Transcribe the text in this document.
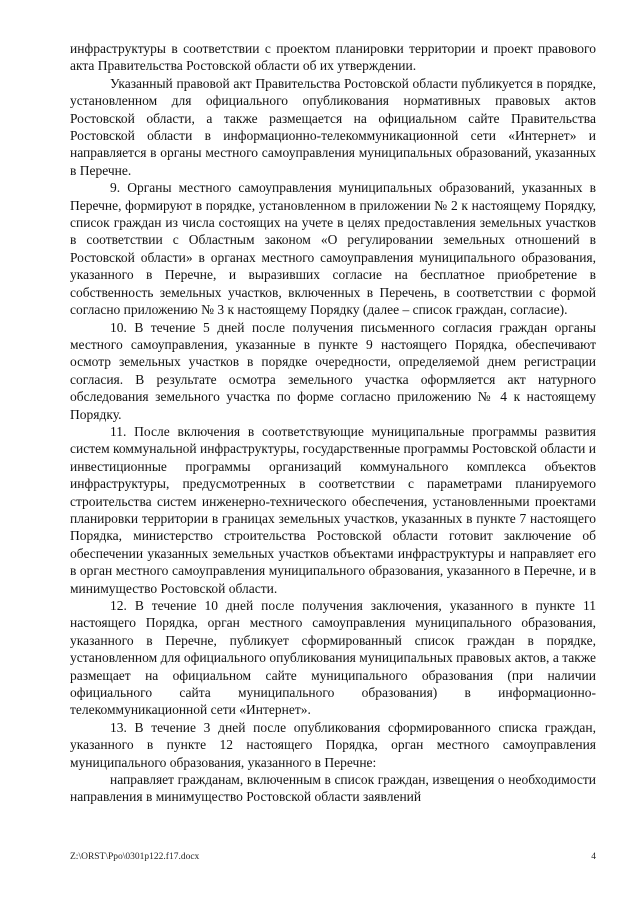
инфраструктуры в соответствии с проектом планировки территории и проект правового акта Правительства Ростовской области об их утверждении.

Указанный правовой акт Правительства Ростовской области публикуется в порядке, установленном для официального опубликования нормативных правовых актов Ростовской области, а также размещается на официальном сайте Правительства Ростовской области в информационно-телекоммуникационной сети «Интернет» и направляется в органы местного самоуправления муниципальных образований, указанных в Перечне.

9. Органы местного самоуправления муниципальных образований, указанных в Перечне, формируют в порядке, установленном в приложении № 2 к настоящему Порядку, список граждан из числа состоящих на учете в целях предоставления земельных участков в соответствии с Областным законом «О регулировании земельных отношений в Ростовской области» в органах местного самоуправления муниципального образования, указанного в Перечне, и выразивших согласие на бесплатное приобретение в собственность земельных участков, включенных в Перечень, в соответствии с формой согласно приложению № 3 к настоящему Порядку (далее – список граждан, согласие).

10. В течение 5 дней после получения письменного согласия граждан органы местного самоуправления, указанные в пункте 9 настоящего Порядка, обеспечивают осмотр земельных участков в порядке очередности, определяемой днем регистрации согласия. В результате осмотра земельного участка оформляется акт натурного обследования земельного участка по форме согласно приложению № 4 к настоящему Порядку.

11. После включения в соответствующие муниципальные программы развития систем коммунальной инфраструктуры, государственные программы Ростовской области и инвестиционные программы организаций коммунального комплекса объектов инфраструктуры, предусмотренных в соответствии с параметрами планируемого строительства систем инженерно-технического обеспечения, установленными проектами планировки территории в границах земельных участков, указанных в пункте 7 настоящего Порядка, министерство строительства Ростовской области готовит заключение об обеспечении указанных земельных участков объектами инфраструктуры и направляет его в орган местного самоуправления муниципального образования, указанного в Перечне, и в минимущество Ростовской области.

12. В течение 10 дней после получения заключения, указанного в пункте 11 настоящего Порядка, орган местного самоуправления муниципального образования, указанного в Перечне, публикует сформированный список граждан в порядке, установленном для официального опубликования муниципальных правовых актов, а также размещает на официальном сайте муниципального образования (при наличии официального сайта муниципального образования) в информационно-телекоммуникационной сети «Интернет».

13. В течение 3 дней после опубликования сформированного списка граждан, указанного в пункте 12 настоящего Порядка, орган местного самоуправления муниципального образования, указанного в Перечне:

направляет гражданам, включенным в список граждан, извещения о необходимости направления в минимущество Ростовской области заявлений

Z:\ORST\Ppo\0301p122.f17.docx	4
